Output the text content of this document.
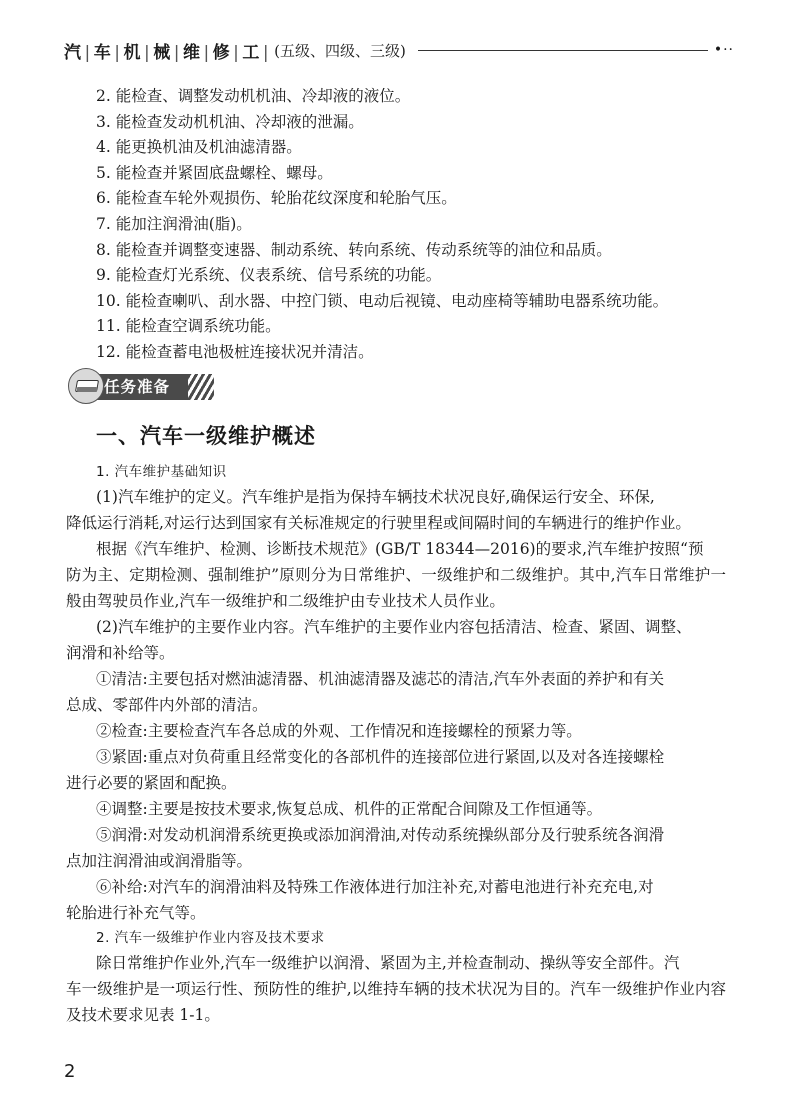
汽 | 车 | 机 | 械 | 维 | 修 | 工 | (五级、四级、三级)	•··
2. 能检查、调整发动机机油、冷却液的液位。
3. 能检查发动机机油、冷却液的泄漏。
4. 能更换机油及机油滤清器。
5. 能检查并紧固底盘螺栓、螺母。
6. 能检查车轮外观损伤、轮胎花纹深度和轮胎气压。
7. 能加注润滑油(脂)。
8. 能检查并调整变速器、制动系统、转向系统、传动系统等的油位和品质。
9. 能检查灯光系统、仪表系统、信号系统的功能。
10. 能检查喇叭、刮水器、中控门锁、电动后视镜、电动座椅等辅助电器系统功能。
11. 能检查空调系统功能。
12. 能检查蓄电池极桩连接状况并清洁。
任务准备
一、汽车一级维护概述
1. 汽车维护基础知识
(1)汽车维护的定义。汽车维护是指为保持车辆技术状况良好,确保运行安全、环保,
降低运行消耗,对运行达到国家有关标准规定的行驶里程或间隔时间的车辆进行的维护作业。
根据《汽车维护、检测、诊断技术规范》(GB/T 18344—2016)的要求,汽车维护按照“预
防为主、定期检测、强制维护”原则分为日常维护、一级维护和二级维护。其中,汽车日常维护一般由驾驶员作业,汽车一级维护和二级维护由专业技术人员作业。
(2)汽车维护的主要作业内容。汽车维护的主要作业内容包括清洁、检查、紧固、调整、
润滑和补给等。
①清洁:主要包括对燃油滤清器、机油滤清器及滤芯的清洁,汽车外表面的养护和有关
总成、零部件内外部的清洁。
②检查:主要检查汽车各总成的外观、工作情况和连接螺栓的预紧力等。
③紧固:重点对负荷重且经常变化的各部机件的连接部位进行紧固,以及对各连接螺栓
进行必要的紧固和配换。
④调整:主要是按技术要求,恢复总成、机件的正常配合间隙及工作恒通等。
⑤润滑:对发动机润滑系统更换或添加润滑油,对传动系统操纵部分及行驶系统各润滑
点加注润滑油或润滑脂等。
⑥补给:对汽车的润滑油料及特殊工作液体进行加注补充,对蓄电池进行补充充电,对
轮胎进行补充气等。
2. 汽车一级维护作业内容及技术要求
除日常维护作业外,汽车一级维护以润滑、紧固为主,并检查制动、操纵等安全部件。汽
车一级维护是一项运行性、预防性的维护,以维持车辆的技术状况为目的。汽车一级维护作业内容及技术要求见表 1-1。
2
